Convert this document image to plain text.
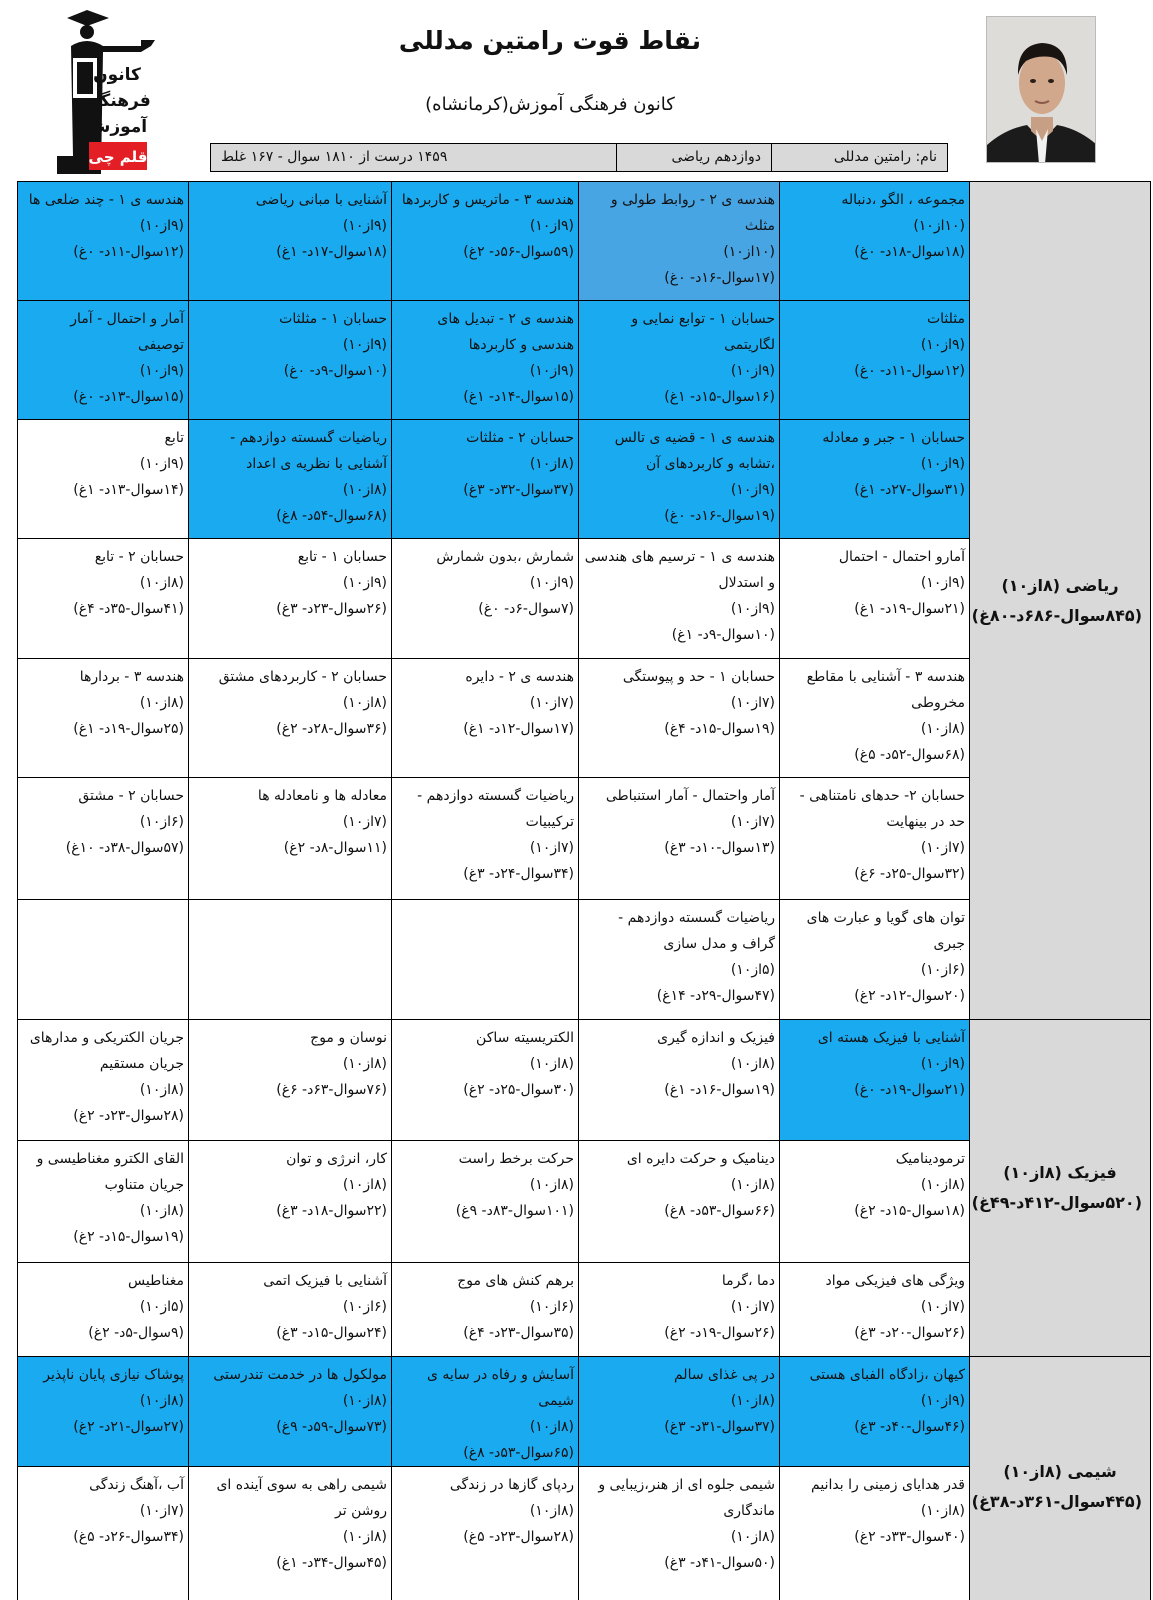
کانون
فرهنگی
آموزش
قلم چی
نقاط قوت رامتین مدللی
کانون فرهنگی آموزش(کرمانشاه)
نام: رامتین مدللی
دوازدهم ریاضی
۱۴۵۹ درست از ۱۸۱۰ سوال - ۱۶۷ غلط
ریاضی (۸از۱۰) (۸۴۵سوال-۶۸۶د-۸۰غ)	مجموعه ، الگو ،دنباله
(۱۰از۱۰)
(۱۸سوال-۱۸د- ۰غ)	هندسه ی ۲ - روابط طولی و مثلث
(۱۰از۱۰)
(۱۷سوال-۱۶د- ۰غ)	هندسه ۳ - ماتریس و کاربردها
(۹از۱۰)
(۵۹سوال-۵۶د- ۲غ)	آشنایی با مبانی ریاضی
(۹از۱۰)
(۱۸سوال-۱۷د- ۱غ)	هندسه ی ۱ - چند ضلعی ها
(۹از۱۰)
(۱۲سوال-۱۱د- ۰غ)

	مثلثات
(۹از۱۰)
(۱۲سوال-۱۱د- ۰غ)	حسابان ۱ - توابع نمایی و لگاریتمی
(۹از۱۰)
(۱۶سوال-۱۵د- ۱غ)	هندسه ی ۲ - تبدیل های هندسی و کاربردها
(۹از۱۰)
(۱۵سوال-۱۴د- ۱غ)	حسابان ۱ - مثلثات
(۹از۱۰)
(۱۰سوال-۹د- ۰غ)	آمار و احتمال - آمار توصیفی
(۹از۱۰)
(۱۵سوال-۱۳د- ۰غ)

	حسابان ۱ - جبر و معادله
(۹از۱۰)
(۳۱سوال-۲۷د- ۱غ)	هندسه ی ۱ - قضیه ی تالس ،تشابه و کاربردهای آن
(۹از۱۰)
(۱۹سوال-۱۶د- ۰غ)	حسابان ۲ - مثلثات
(۸از۱۰)
(۳۷سوال-۳۲د- ۳غ)	ریاضیات گسسته دوازدهم - آشنایی با نظریه ی اعداد
(۸از۱۰)
(۶۸سوال-۵۴د- ۸غ)	تابع
(۹از۱۰)
(۱۴سوال-۱۳د- ۱غ)

	آمارو احتمال - احتمال
(۹از۱۰)
(۲۱سوال-۱۹د- ۱غ)	هندسه ی ۱ - ترسیم های هندسی و استدلال
(۹از۱۰)
(۱۰سوال-۹د- ۱غ)	شمارش ،بدون شمارش
(۹از۱۰)
(۷سوال-۶د- ۰غ)	حسابان ۱ - تابع
(۹از۱۰)
(۲۶سوال-۲۳د- ۳غ)	حسابان ۲ - تابع
(۸از۱۰)
(۴۱سوال-۳۵د- ۴غ)

	هندسه ۳ - آشنایی با مقاطع مخروطی
(۸از۱۰)
(۶۸سوال-۵۲د- ۵غ)	حسابان ۱ - حد و پیوستگی
(۷از۱۰)
(۱۹سوال-۱۵د- ۴غ)	هندسه ی ۲ - دایره
(۷از۱۰)
(۱۷سوال-۱۲د- ۱غ)	حسابان ۲ - کاربردهای مشتق
(۸از۱۰)
(۳۶سوال-۲۸د- ۲غ)	هندسه ۳ - بردارها
(۸از۱۰)
(۲۵سوال-۱۹د- ۱غ)

	حسابان ۲- حدهای نامتناهی - حد در بینهایت
(۷از۱۰)
(۳۲سوال-۲۵د- ۶غ)	آمار واحتمال - آمار استنباطی
(۷از۱۰)
(۱۳سوال-۱۰د- ۳غ)	ریاضیات گسسته دوازدهم - ترکیبیات
(۷از۱۰)
(۳۴سوال-۲۴د- ۳غ)	معادله ها و نامعادله ها
(۷از۱۰)
(۱۱سوال-۸د- ۲غ)	حسابان ۲ - مشتق
(۶از۱۰)
(۵۷سوال-۳۸د- ۱۰غ)

	توان های گویا و عبارت های جبری
(۶از۱۰)
(۲۰سوال-۱۲د- ۲غ)	ریاضیات گسسته دوازدهم - گراف و مدل سازی
(۵از۱۰)
(۴۷سوال-۲۹د- ۱۴غ)			

فیزیک (۸از۱۰) (۵۲۰سوال-۴۱۲د-۴۹غ)	آشنایی با فیزیک هسته ای
(۹از۱۰)
(۲۱سوال-۱۹د- ۰غ)	فیزیک و اندازه گیری
(۸از۱۰)
(۱۹سوال-۱۶د- ۱غ)	الکتریسیته ساکن
(۸از۱۰)
(۳۰سوال-۲۵د- ۲غ)	نوسان و موج
(۸از۱۰)
(۷۶سوال-۶۳د- ۶غ)	جریان الکتریکی و مدارهای جریان مستقیم
(۸از۱۰)
(۲۸سوال-۲۳د- ۲غ)

	ترمودینامیک
(۸از۱۰)
(۱۸سوال-۱۵د- ۲غ)	دینامیک و حرکت دایره ای
(۸از۱۰)
(۶۶سوال-۵۳د- ۸غ)	حرکت برخط راست
(۸از۱۰)
(۱۰۱سوال-۸۳د- ۹غ)	کار، انرژی و توان
(۸از۱۰)
(۲۲سوال-۱۸د- ۳غ)	القای الکترو مغناطیسی و جریان متناوب
(۸از۱۰)
(۱۹سوال-۱۵د- ۲غ)

	ویژگی های فیزیکی مواد
(۷از۱۰)
(۲۶سوال-۲۰د- ۳غ)	دما ،گرما
(۷از۱۰)
(۲۶سوال-۱۹د- ۲غ)	برهم کنش های موج
(۶از۱۰)
(۳۵سوال-۲۳د- ۴غ)	آشنایی با فیزیک اتمی
(۶از۱۰)
(۲۴سوال-۱۵د- ۳غ)	مغناطیس
(۵از۱۰)
(۹سوال-۵د- ۲غ)

شیمی (۸از۱۰) (۴۴۵سوال-۳۶۱د-۳۸غ)	کیهان ،زادگاه الفبای هستی
(۹از۱۰)
(۴۶سوال-۴۰د- ۳غ)	در پی غذای سالم
(۸از۱۰)
(۳۷سوال-۳۱د- ۳غ)	آسایش و رفاه در سایه ی شیمی
(۸از۱۰)
(۶۵سوال-۵۳د- ۸غ)	مولکول ها در خدمت تندرستی
(۸از۱۰)
(۷۳سوال-۵۹د- ۹غ)	پوشاک نیازی پایان ناپذیر
(۸از۱۰)
(۲۷سوال-۲۱د- ۲غ)

	قدر هدایای زمینی را بدانیم
(۸از۱۰)
(۴۰سوال-۳۳د- ۲غ)	شیمی جلوه ای از هنر،زیبایی و ماندگاری
(۸از۱۰)
(۵۰سوال-۴۱د- ۳غ)	ردپای گازها در زندگی
(۸از۱۰)
(۲۸سوال-۲۳د- ۵غ)	شیمی راهی به سوی آینده ای روشن تر
(۸از۱۰)
(۴۵سوال-۳۴د- ۱غ)	آب ،آهنگ زندگی
(۷از۱۰)
(۳۴سوال-۲۶د- ۵غ)
